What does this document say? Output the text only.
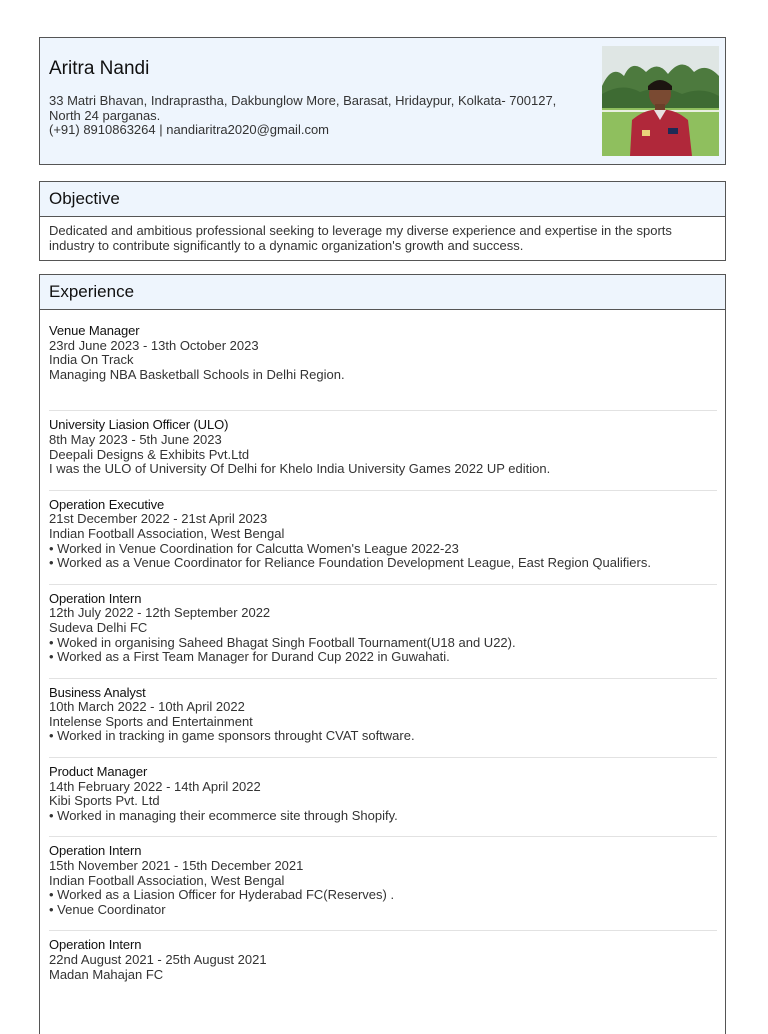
Aritra Nandi
33 Matri Bhavan, Indraprastha, Dakbunglow More, Barasat, Hridaypur, Kolkata- 700127, North 24 parganas.
(+91) 8910863264 | nandiaritra2020@gmail.com
Objective
Dedicated and ambitious professional seeking to leverage my diverse experience and expertise in the sports industry to contribute significantly to a dynamic organization's growth and success.
Experience
Venue Manager
23rd June 2023 - 13th October 2023
India On Track
Managing NBA Basketball Schools in Delhi Region.
University Liasion Officer (ULO)
8th May 2023 - 5th June 2023
Deepali Designs & Exhibits Pvt.Ltd
I was the ULO of University Of Delhi for Khelo India University Games 2022 UP edition.
Operation Executive
21st December 2022 - 21st April 2023
Indian Football Association, West Bengal
• Worked in Venue Coordination for Calcutta Women's League 2022-23
• Worked as a Venue Coordinator for Reliance Foundation Development League, East Region Qualifiers.
Operation Intern
12th July 2022 - 12th September 2022
Sudeva Delhi FC
• Woked in organising Saheed Bhagat Singh Football Tournament(U18 and U22).
• Worked as a First Team Manager for Durand Cup 2022 in Guwahati.
Business Analyst
10th March 2022 - 10th April 2022
Intelense Sports and Entertainment
• Worked in tracking in game sponsors throught CVAT software.
Product Manager
14th February 2022 - 14th April 2022
Kibi Sports Pvt. Ltd
• Worked in managing their ecommerce site through Shopify.
Operation Intern
15th November 2021 - 15th December 2021
Indian Football Association, West Bengal
• Worked as a Liasion Officer for Hyderabad FC(Reserves) .
• Venue Coordinator
Operation Intern
22nd August 2021 - 25th August 2021
Madan Mahajan FC
